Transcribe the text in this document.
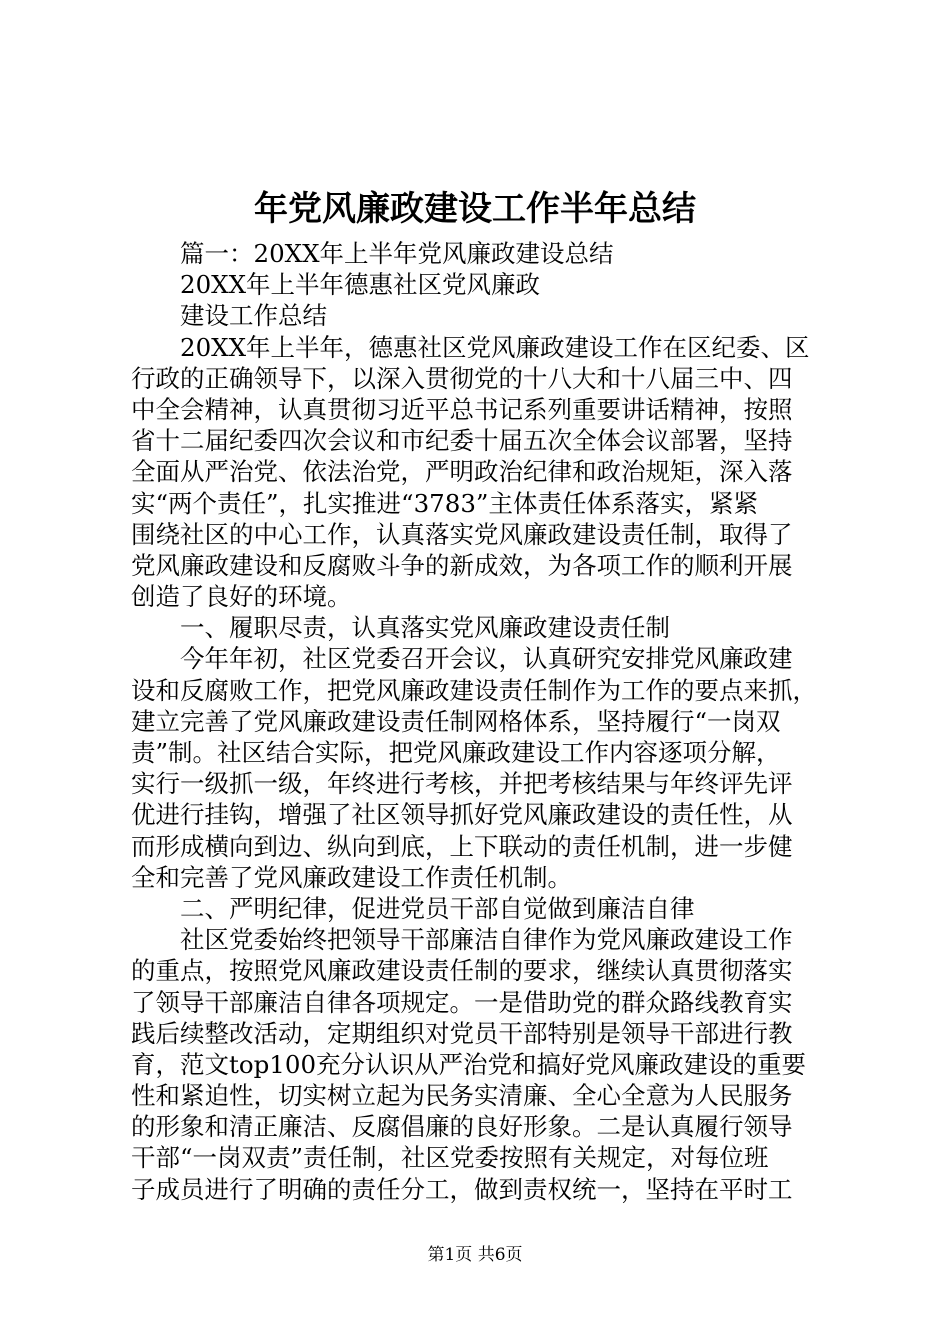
年党风廉政建设工作半年总结
篇一：20XX年上半年党风廉政建设总结
20XX年上半年德惠社区党风廉政
建设工作总结
20XX年上半年，德惠社区党风廉政建设工作在区纪委、区
行政的正确领导下，以深入贯彻党的十八大和十八届三中、四
中全会精神，认真贯彻习近平总书记系列重要讲话精神，按照
省十二届纪委四次会议和市纪委十届五次全体会议部署，坚持
全面从严治党、依法治党，严明政治纪律和政治规矩，深入落
实“两个责任”，扎实推进“3783”主体责任体系落实，紧紧
围绕社区的中心工作，认真落实党风廉政建设责任制，取得了
党风廉政建设和反腐败斗争的新成效，为各项工作的顺利开展
创造了良好的环境。
一、履职尽责，认真落实党风廉政建设责任制
今年年初，社区党委召开会议，认真研究安排党风廉政建
设和反腐败工作，把党风廉政建设责任制作为工作的要点来抓，
建立完善了党风廉政建设责任制网格体系，坚持履行“一岗双
责”制。社区结合实际，把党风廉政建设工作内容逐项分解，
实行一级抓一级，年终进行考核，并把考核结果与年终评先评
优进行挂钩，增强了社区领导抓好党风廉政建设的责任性，从
而形成横向到边、纵向到底，上下联动的责任机制，进一步健
全和完善了党风廉政建设工作责任机制。
二、严明纪律，促进党员干部自觉做到廉洁自律
社区党委始终把领导干部廉洁自律作为党风廉政建设工作
的重点，按照党风廉政建设责任制的要求，继续认真贯彻落实
了领导干部廉洁自律各项规定。一是借助党的群众路线教育实
践后续整改活动，定期组织对党员干部特别是领导干部进行教
育，范文top100充分认识从严治党和搞好党风廉政建设的重要
性和紧迫性，切实树立起为民务实清廉、全心全意为人民服务
的形象和清正廉洁、反腐倡廉的良好形象。二是认真履行领导
干部“一岗双责”责任制，社区党委按照有关规定，对每位班
子成员进行了明确的责任分工，做到责权统一，坚持在平时工
第1页 共6页
